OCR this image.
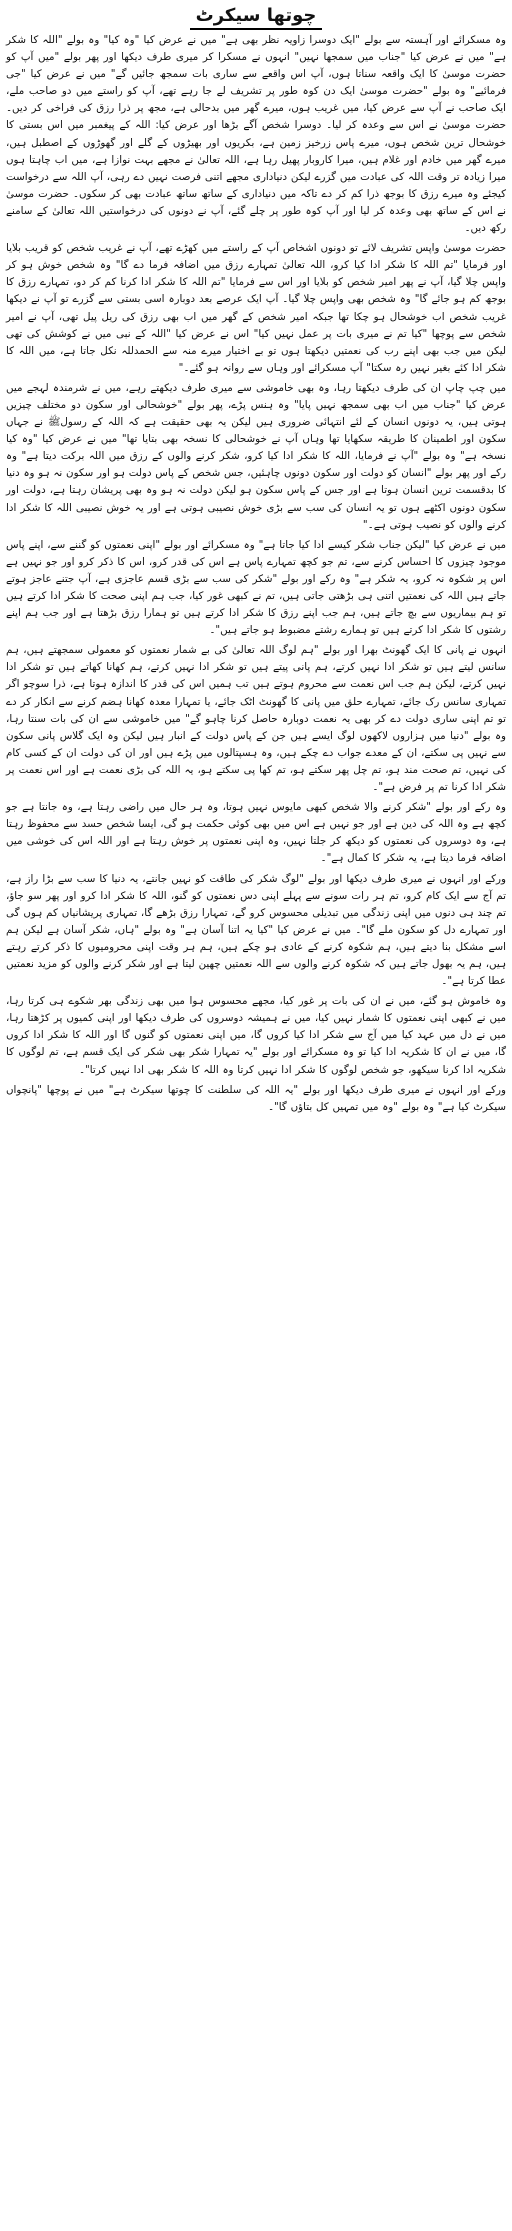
چوتھا سیکرٹ

وہ مسکرائے اور آہستہ سے بولے "ایک دوسرا زاویہ نظر بھی ہے" میں نے عرض کیا "وہ کیا" وہ بولے "اللہ کا شکر ہے" میں نے عرض کیا "جناب میں سمجھا نہیں" انہوں نے مسکرا کر میری طرف دیکھا اور پھر بولے "میں آپ کو حضرت موسیٰ کا ایک واقعہ سناتا ہوں، آپ اس واقعے سے ساری بات سمجھ جائیں گے" میں نے عرض کیا "جی فرمائیے" وہ بولے "حضرت موسیٰ ایک دن کوہ طور پر تشریف لے جا رہے تھے، آپ کو راستے میں دو صاحب ملے، ایک صاحب نے آپ سے عرض کیا، میں غریب ہوں، میرے گھر میں بدحالی ہے، مجھ پر ذرا رزق کی فراخی کر دیں۔ حضرت موسیٰ نے اس سے وعدہ کر لیا۔ دوسرا شخص آگے بڑھا اور عرض کیا: اللہ کے پیغمبر میں اس بستی کا خوشحال ترین شخص ہوں، میرے پاس زرخیز زمین ہے، بکریوں اور بھیڑوں کے گلے اور گھوڑوں کے اصطبل ہیں، میرے گھر میں خادم اور غلام ہیں، میرا کاروبار پھیل رہا ہے، اللہ تعالیٰ نے مجھے بہت نوازا ہے، میں اب چاہتا ہوں میرا زیادہ تر وقت اللہ کی عبادت میں گزرے لیکن دنیاداری مجھے اتنی فرصت نہیں دے رہی، آپ اللہ سے درخواست کیجئے وہ میرے رزق کا بوجھ ذرا کم کر دے تاکہ میں دنیاداری کے ساتھ ساتھ عبادت بھی کر سکوں۔ حضرت موسیٰ نے اس کے ساتھ بھی وعدہ کر لیا اور آپ کوہ طور پر چلے گئے، آپ نے دونوں کی درخواستیں اللہ تعالیٰ کے سامنے رکھ دیں۔

حضرت موسیٰ واپس تشریف لائے تو دونوں اشخاص آپ کے راستے میں کھڑے تھے، آپ نے غریب شخص کو قریب بلایا اور فرمایا "تم اللہ کا شکر ادا کیا کرو، اللہ تعالیٰ تمہارے رزق میں اضافہ فرما دے گا" وہ شخص خوش ہو کر واپس چلا گیا، آپ نے پھر امیر شخص کو بلایا اور اس سے فرمایا "تم اللہ کا شکر ادا کرنا کم کر دو، تمہارے رزق کا بوجھ کم ہو جائے گا" وہ شخص بھی واپس چلا گیا۔ آپ ایک عرصے بعد دوبارہ اسی بستی سے گزرے تو آپ نے دیکھا غریب شخص اب خوشحال ہو چکا تھا جبکہ امیر شخص کے گھر میں اب بھی رزق کی ریل پیل تھی، آپ نے امیر شخص سے پوچھا "کیا تم نے میری بات پر عمل نہیں کیا" اس نے عرض کیا "اللہ کے نبی میں نے کوشش کی تھی لیکن میں جب بھی اپنے رب کی نعمتیں دیکھتا ہوں تو بے اختیار میرے منہ سے الحمدللہ نکل جاتا ہے، میں اللہ کا شکر ادا کئے بغیر نہیں رہ سکتا" آپ مسکرائے اور وہاں سے روانہ ہو گئے۔"

میں چپ چاپ ان کی طرف دیکھتا رہا، وہ بھی خاموشی سے میری طرف دیکھتے رہے، میں نے شرمندہ لہجے میں عرض کیا "جناب میں اب بھی سمجھ نہیں پایا" وہ ہنس پڑے، پھر بولے "خوشحالی اور سکون دو مختلف چیزیں ہوتی ہیں، یہ دونوں انسان کے لئے انتہائی ضروری ہیں لیکن یہ بھی حقیقت ہے کہ اللہ کے رسولﷺ نے جہاں سکون اور اطمینان کا طریقہ سکھایا تھا وہاں آپ نے خوشحالی کا نسخہ بھی بتایا تھا" میں نے عرض کیا "وہ کیا نسخہ ہے" وہ بولے "آپ نے فرمایا، اللہ کا شکر ادا کیا کرو، شکر کرنے والوں کے رزق میں اللہ برکت دیتا ہے" وہ رکے اور پھر بولے "انسان کو دولت اور سکون دونوں چاہئیں، جس شخص کے پاس دولت ہو اور سکون نہ ہو وہ دنیا کا بدقسمت ترین انسان ہوتا ہے اور جس کے پاس سکون ہو لیکن دولت نہ ہو وہ بھی پریشان رہتا ہے، دولت اور سکون دونوں اکٹھے ہوں تو یہ انسان کی سب سے بڑی خوش نصیبی ہوتی ہے اور یہ خوش نصیبی اللہ کا شکر ادا کرنے والوں کو نصیب ہوتی ہے۔"

میں نے عرض کیا "لیکن جناب شکر کیسے ادا کیا جاتا ہے" وہ مسکرائے اور بولے "اپنی نعمتوں کو گننے سے، اپنے پاس موجود چیزوں کا احساس کرنے سے، تم جو کچھ تمہارے پاس ہے اس کی قدر کرو، اس کا ذکر کرو اور جو نہیں ہے اس پر شکوہ نہ کرو، یہ شکر ہے" وہ رکے اور بولے "شکر کی سب سے بڑی قسم عاجزی ہے، آپ جتنے عاجز ہوتے جاتے ہیں اللہ کی نعمتیں اتنی ہی بڑھتی جاتی ہیں، تم نے کبھی غور کیا، جب ہم اپنی صحت کا شکر ادا کرتے ہیں تو ہم بیماریوں سے بچ جاتے ہیں، ہم جب اپنے رزق کا شکر ادا کرتے ہیں تو ہمارا رزق بڑھتا ہے اور جب ہم اپنے رشتوں کا شکر ادا کرتے ہیں تو ہمارے رشتے مضبوط ہو جاتے ہیں"۔

انہوں نے پانی کا ایک گھونٹ بھرا اور بولے "ہم لوگ اللہ تعالیٰ کی بے شمار نعمتوں کو معمولی سمجھتے ہیں، ہم سانس لیتے ہیں تو شکر ادا نہیں کرتے، ہم پانی پیتے ہیں تو شکر ادا نہیں کرتے، ہم کھانا کھاتے ہیں تو شکر ادا نہیں کرتے، لیکن ہم جب اس نعمت سے محروم ہوتے ہیں تب ہمیں اس کی قدر کا اندازہ ہوتا ہے، ذرا سوچو اگر تمہاری سانس رک جائے، تمہارے حلق میں پانی کا گھونٹ اٹک جائے، یا تمہارا معدہ کھانا ہضم کرنے سے انکار کر دے تو تم اپنی ساری دولت دے کر بھی یہ نعمت دوبارہ حاصل کرنا چاہو گے" میں خاموشی سے ان کی بات سنتا رہا، وہ بولے "دنیا میں ہزاروں لاکھوں لوگ ایسے ہیں جن کے پاس دولت کے انبار ہیں لیکن وہ ایک گلاس پانی سکون سے نہیں پی سکتے، ان کے معدے جواب دے چکے ہیں، وہ ہسپتالوں میں پڑے ہیں اور ان کی دولت ان کے کسی کام کی نہیں، تم صحت مند ہو، تم چل پھر سکتے ہو، تم کھا پی سکتے ہو، یہ اللہ کی بڑی نعمت ہے اور اس نعمت پر شکر ادا کرنا تم پر فرض ہے"۔

وہ رکے اور بولے "شکر کرنے والا شخص کبھی مایوس نہیں ہوتا، وہ ہر حال میں راضی رہتا ہے، وہ جانتا ہے جو کچھ ہے وہ اللہ کی دین ہے اور جو نہیں ہے اس میں بھی کوئی حکمت ہو گی، ایسا شخص حسد سے محفوظ رہتا ہے، وہ دوسروں کی نعمتوں کو دیکھ کر جلتا نہیں، وہ اپنی نعمتوں پر خوش رہتا ہے اور اللہ اس کی خوشی میں اضافہ فرما دیتا ہے، یہ شکر کا کمال ہے"۔

ورکے اور انہوں نے میری طرف دیکھا اور بولے "لوگ شکر کی طاقت کو نہیں جانتے، یہ دنیا کا سب سے بڑا راز ہے، تم آج سے ایک کام کرو، تم ہر رات سونے سے پہلے اپنی دس نعمتوں کو گنو، اللہ کا شکر ادا کرو اور پھر سو جاؤ، تم چند ہی دنوں میں اپنی زندگی میں تبدیلی محسوس کرو گے، تمہارا رزق بڑھے گا، تمہاری پریشانیاں کم ہوں گی اور تمہارے دل کو سکون ملے گا"۔ میں نے عرض کیا "کیا یہ اتنا آسان ہے" وہ بولے "ہاں، شکر آسان ہے لیکن ہم اسے مشکل بنا دیتے ہیں، ہم شکوہ کرنے کے عادی ہو چکے ہیں، ہم ہر وقت اپنی محرومیوں کا ذکر کرتے رہتے ہیں، ہم یہ بھول جاتے ہیں کہ شکوہ کرنے والوں سے اللہ نعمتیں چھین لیتا ہے اور شکر کرنے والوں کو مزید نعمتیں عطا کرتا ہے"۔

وہ خاموش ہو گئے، میں نے ان کی بات پر غور کیا، مجھے محسوس ہوا میں بھی زندگی بھر شکوے ہی کرتا رہا، میں نے کبھی اپنی نعمتوں کا شمار نہیں کیا، میں نے ہمیشہ دوسروں کی طرف دیکھا اور اپنی کمیوں پر کڑھتا رہا، میں نے دل میں عہد کیا میں آج سے شکر ادا کیا کروں گا، میں اپنی نعمتوں کو گنوں گا اور اللہ کا شکر ادا کروں گا، میں نے ان کا شکریہ ادا کیا تو وہ مسکرائے اور بولے "یہ تمہارا شکر بھی شکر کی ایک قسم ہے، تم لوگوں کا شکریہ ادا کرنا سیکھو، جو شخص لوگوں کا شکر ادا نہیں کرتا وہ اللہ کا شکر بھی ادا نہیں کرتا"۔

ورکے اور انہوں نے میری طرف دیکھا اور بولے "یہ اللہ کی سلطنت کا چوتھا سیکرٹ ہے" میں نے پوچھا "پانچواں سیکرٹ کیا ہے" وہ بولے "وہ میں تمہیں کل بتاؤں گا"۔
